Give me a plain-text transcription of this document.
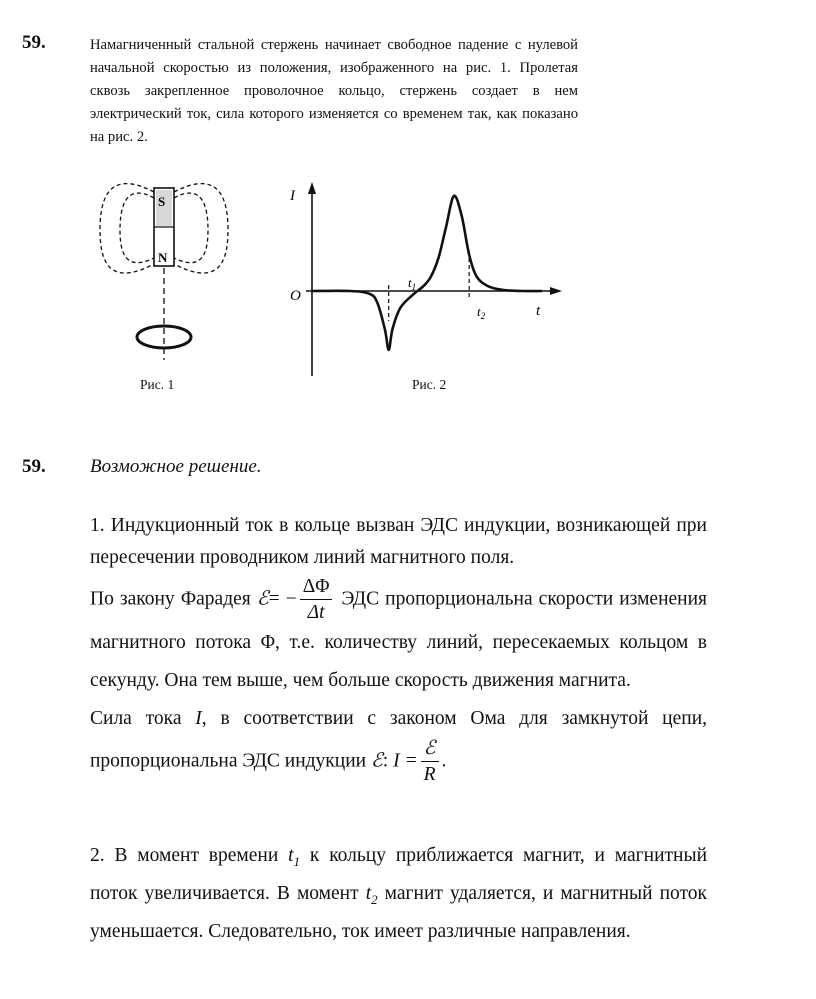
59.	Намагниченный стальной стержень начинает свободное падение с нулевой начальной скоростью из положения, изображенного на рис. 1. Пролетая сквозь закрепленное проволочное кольцо, стержень создает в нем электрический ток, сила которого изменяется со временем так, как показано на рис. 2.
S
N
Рис. 1
I
O
t
$t_1$
$t_2$
Рис. 2
59. Возможное решение.

1. Индукционный ток в кольце вызван ЭДС индукции, возникающей при пересечении проводником линий магнитного поля.

По закону Фарадея ℰ= − $\frac{\Delta\Phi}{\Delta t}$ ЭДС пропорциональна скорости изменения магнитного потока Φ, т.е. количеству линий, пересекаемых кольцом в секунду. Она тем выше, чем больше скорость движения магнита.

Сила тока I, в соответствии с законом Ома для замкнутой цепи, пропорциональна ЭДС индукции ℰ: $I = \frac{\text{ℰ}}{R}$ .

2. В момент времени $t_1$ к кольцу приближается магнит, и магнитный поток увеличивается. В момент $t_2$ магнит удаляется, и магнитный поток уменьшается. Следовательно, ток имеет различные направления.
